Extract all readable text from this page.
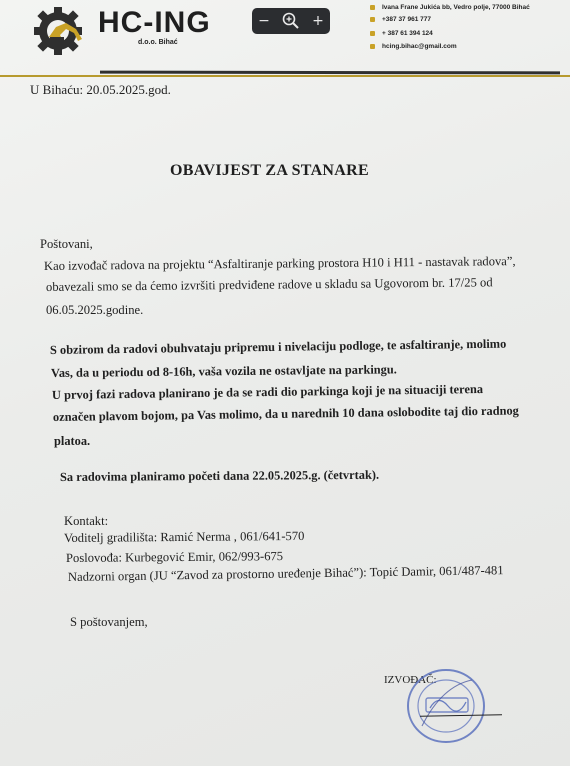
HC-ING
d.o.o. Bihać
−	+
Ivana Frane Jukića bb, Vedro polje, 77000 Bihać
+387 37 961 777
+ 387 61 394 124
hcing.bihac@gmail.com
U Bihaću: 20.05.2025.god.
OBAVIJEST ZA STANARE
Poštovani,
Kao izvođač radova na projektu “Asfaltiranje parking prostora H10 i H11 - nastavak radova”,
obavezali smo se da ćemo izvršiti predviđene radove u skladu sa Ugovorom br. 17/25 od
06.05.2025.godine.
S obzirom da radovi obuhvataju pripremu i nivelaciju podloge, te asfaltiranje, molimo
Vas, da u periodu od 8-16h, vaša vozila ne ostavljate na parkingu.
U prvoj fazi radova planirano je da se radi dio parkinga koji je na situaciji terena
označen plavom bojom, pa Vas molimo, da u narednih 10 dana oslobodite taj dio radnog
platoa.
Sa radovima planiramo početi dana 22.05.2025.g. (četvrtak).
Kontakt:
Voditelj gradilišta: Ramić Nerma , 061/641-570
Poslovođa: Kurbegović Emir, 062/993-675
Nadzorni organ (JU “Zavod za prostorno uređenje Bihać”): Topić Damir, 061/487-481
S poštovanjem,
IZVOĐAČ:
